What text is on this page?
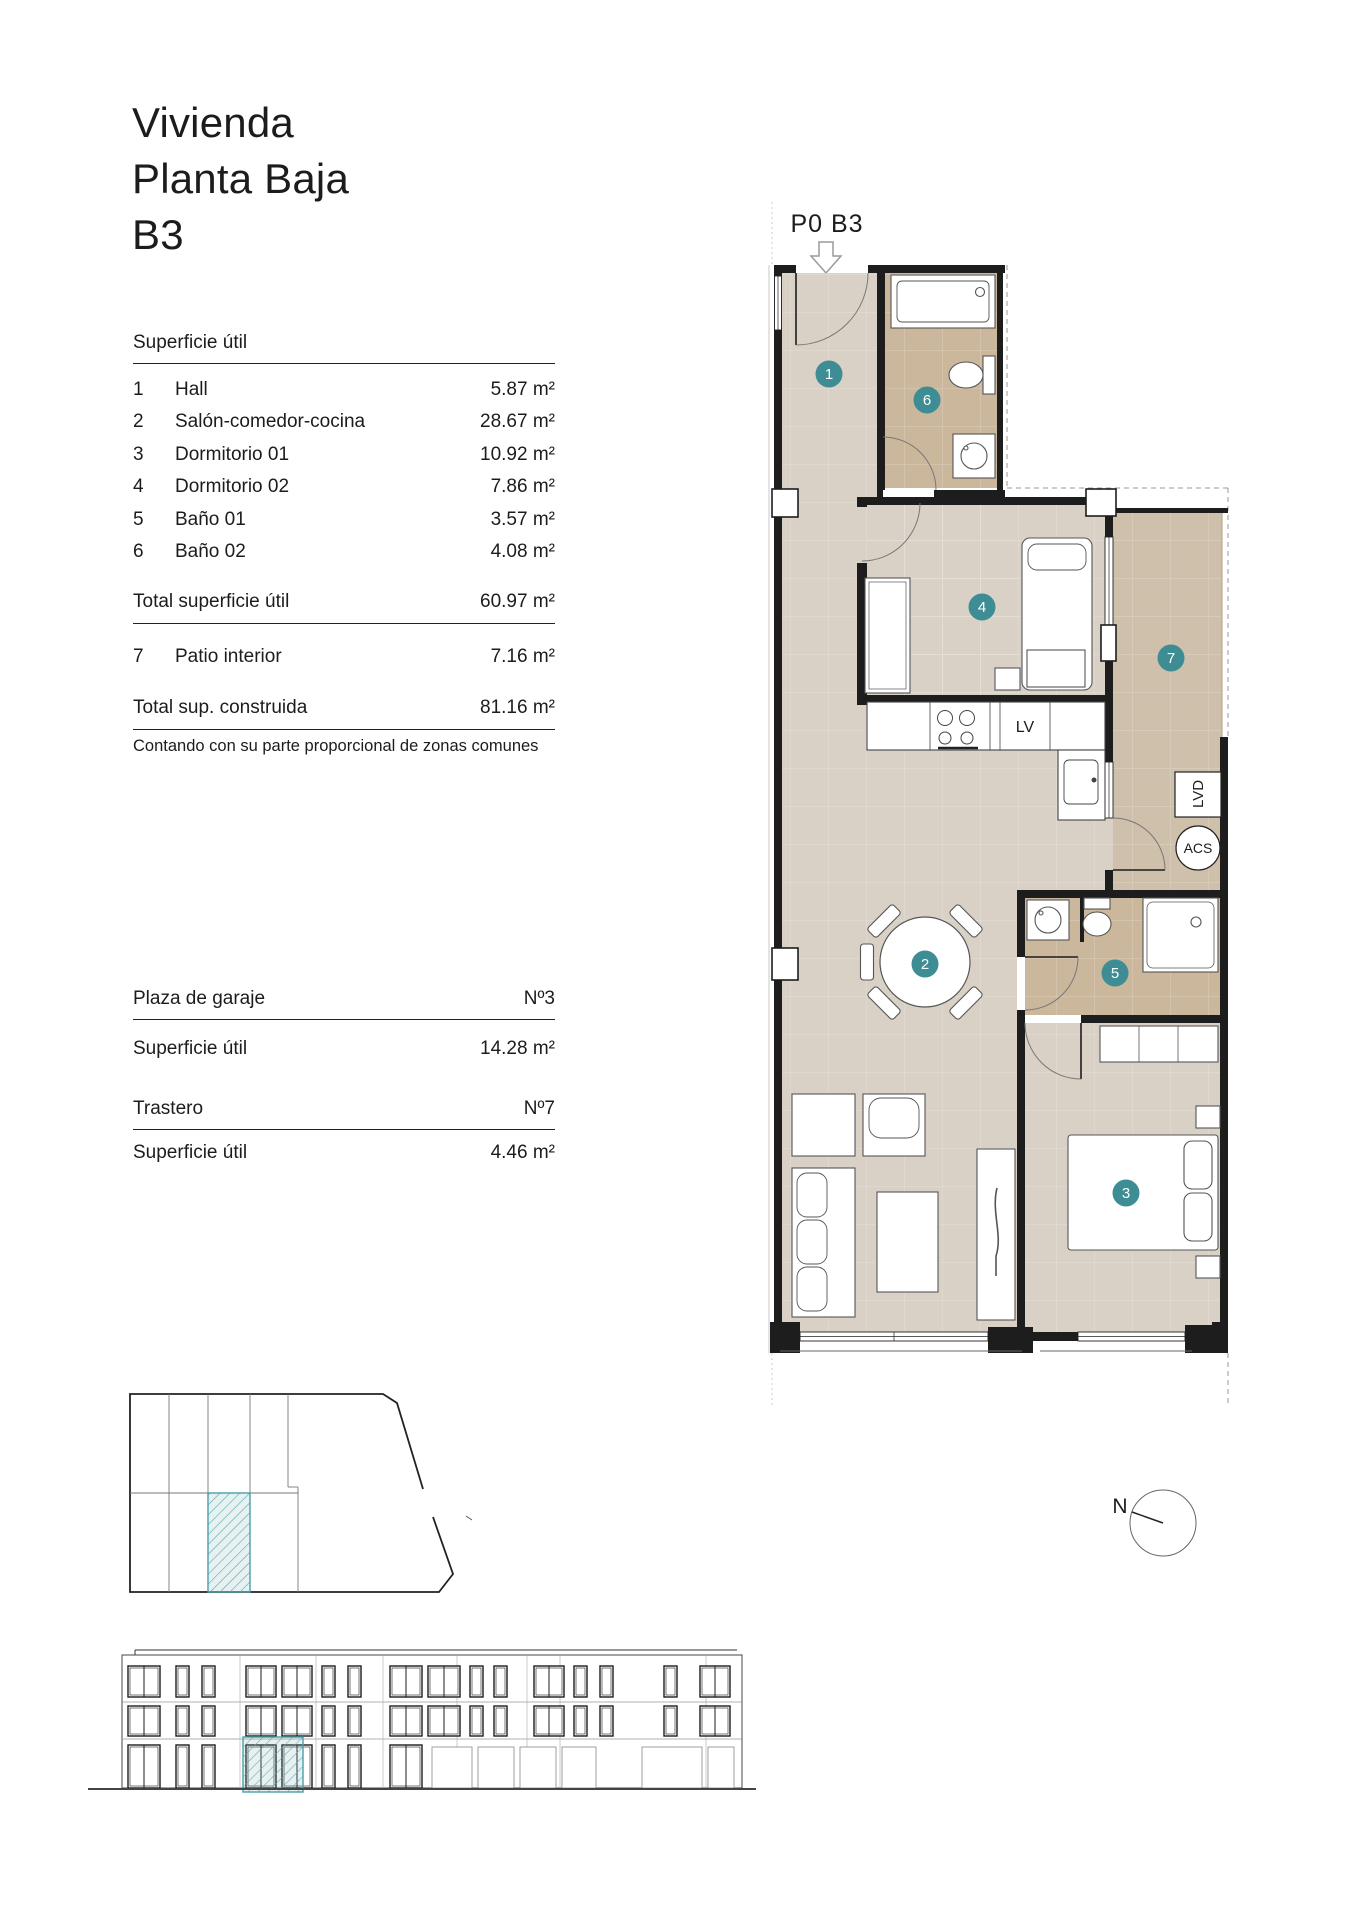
Vivienda
Planta Baja
B3
Superficie útil
1	Hall	5.87 m²
2	Salón-comedor-cocina	28.67 m²
3	Dormitorio 01	10.92 m²
4	Dormitorio 02	7.86 m²
5	Baño 01	3.57 m²
6	Baño 02	4.08 m²
Total superficie útil	60.97 m²
7	Patio interior	7.16 m²
Total sup. construida	81.16 m²
Contando con su parte proporcional de zonas comunes
Plaza de garaje	Nº3
Superficie útil	14.28 m²
Trastero	Nº7
Superficie útil	4.46 m²
P0 B3
LV
LVD
ACS
1
2
3
4
5
6
7
N
